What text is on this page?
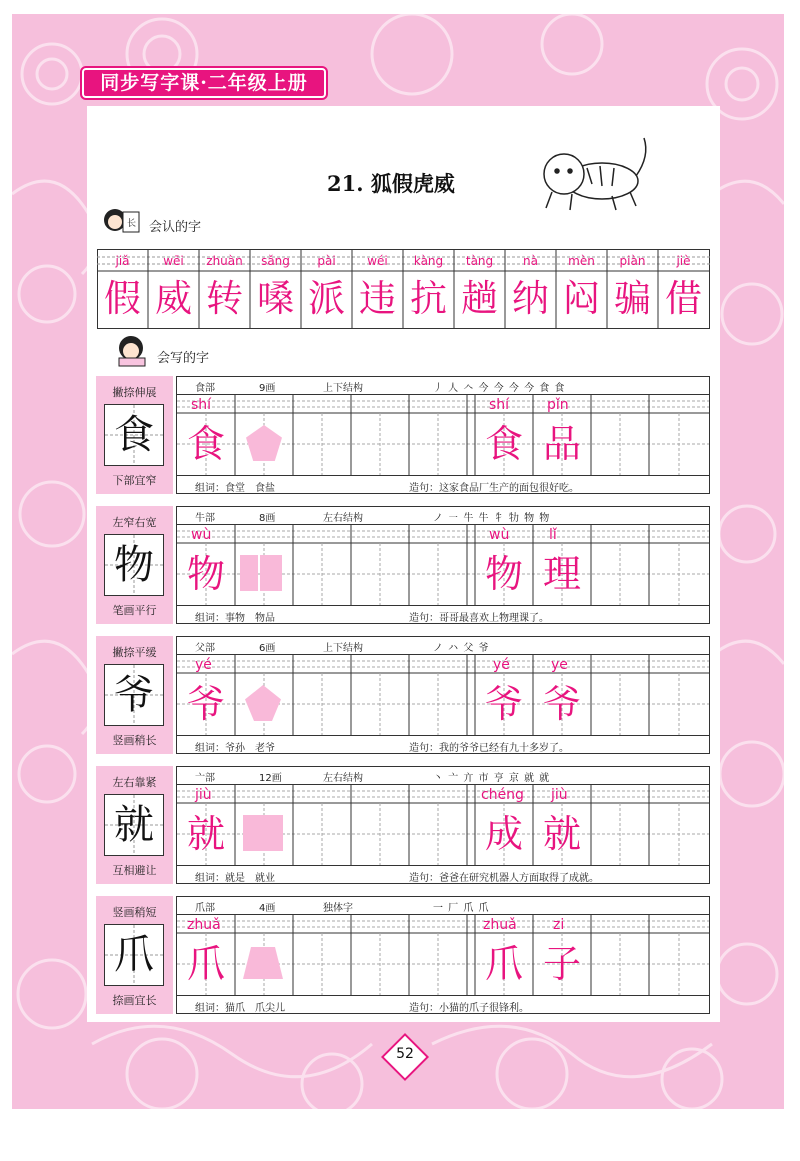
同步写字课·二年级上册
21. 狐假虎威
长 会认的字
jiǎ	wēi	zhuàn	sǎng	pài	wéi	kàng	tàng	nà	mèn	piàn	jiè
假 威 转 嗓 派 违 抗 趟 纳 闷 骗 借
会写的字
撇捺伸展
食
下部宜窄
食部	9画	上下结构	丿 人 𠆢 今 今 今 今 食 食
shí
食
shí	pǐn
食 品
组词：食堂　食盐	造句：这家食品厂生产的面包很好吃。
左窄右宽
物
笔画平行
牛部	8画	左右结构	ノ ㇐ 牛 牛 牜 牞 物 物
wù
物
wù	lǐ
物 理
组词：事物　物品	造句：哥哥最喜欢上物理课了。
撇捺平缓
爷
竖画稍长
父部	6画	上下结构	ノ ハ 父 爷
yé
爷
yé	ye
爷 爷
组词：爷孙　老爷	造句：我的爷爷已经有九十多岁了。
左右靠紧
就
互相避让
亠部	12画	左右结构	丶 亠 亣 市 亨 京 就 就
jiù
就
chéng jiù
成 就
组词：就是　就业	造句：爸爸在研究机器人方面取得了成就。
竖画稍短
爪
捺画宜长
爪部	4画	独体字	一 厂 爪 爪
zhuǎ
爪
zhuǎ	zi
爪 子
组词：猫爪　爪尖儿	造句：小猫的爪子很锋利。
52
